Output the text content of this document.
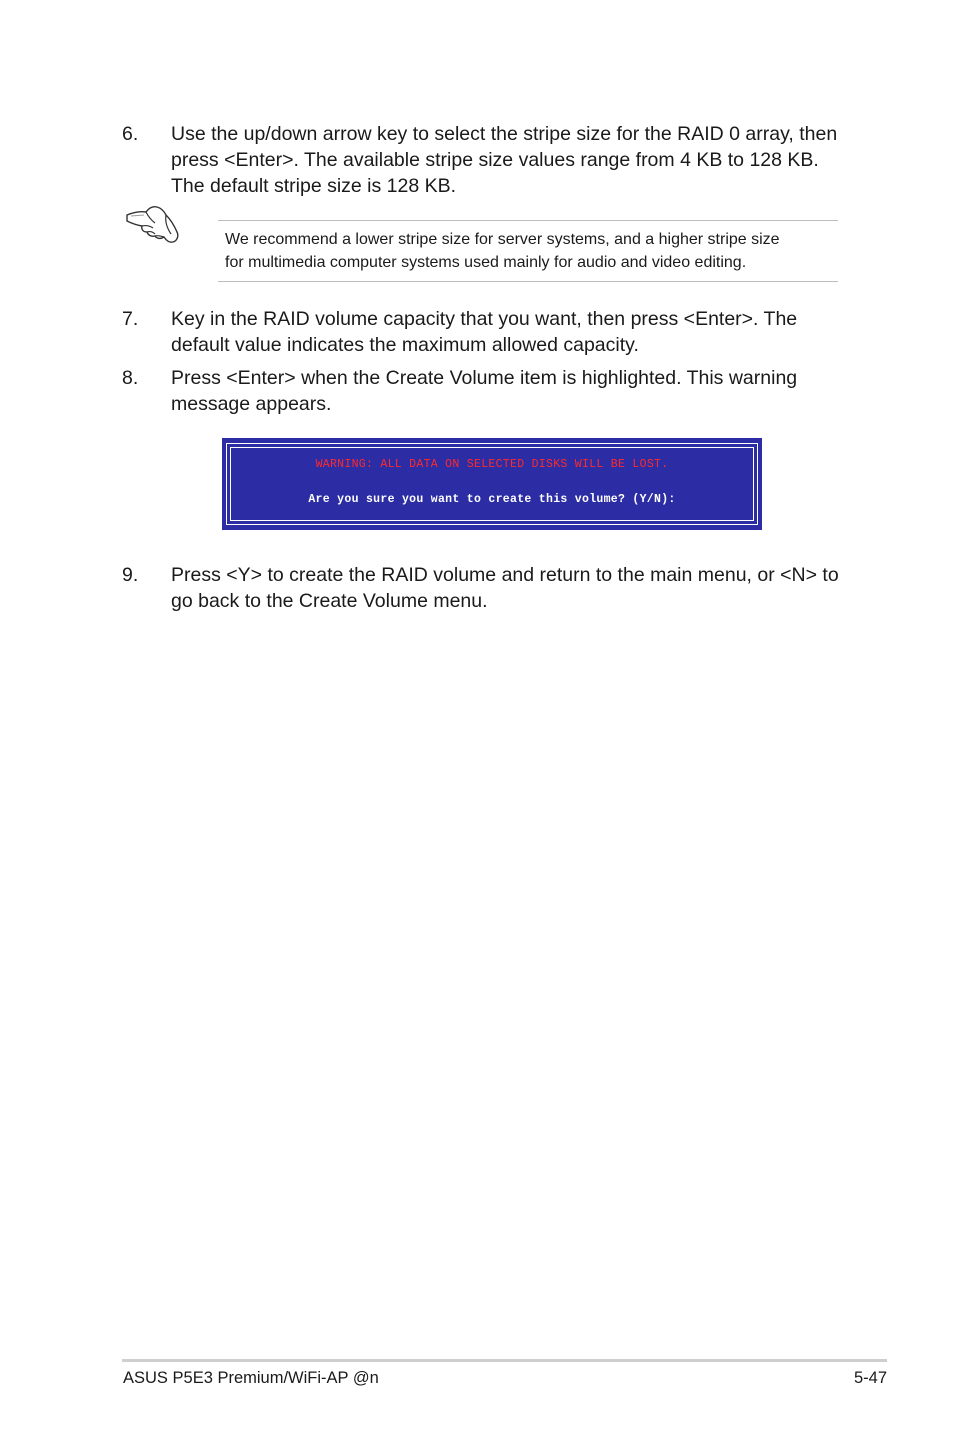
6. Use the up/down arrow key to select the stripe size for the RAID 0 array, then
press <Enter>. The available stripe size values range from 4 KB to 128 KB.
The default stripe size is 128 KB.
We recommend a lower stripe size for server systems, and a higher stripe size
for multimedia computer systems used mainly for audio and video editing.
7. Key in the RAID volume capacity that you want, then press <Enter>. The
default value indicates the maximum allowed capacity.
8. Press <Enter> when the Create Volume item is highlighted. This warning
message appears.
WARNING: ALL DATA ON SELECTED DISKS WILL BE LOST.
Are you sure you want to create this volume? (Y/N):
9. Press <Y> to create the RAID volume and return to the main menu, or <N> to
go back to the Create Volume menu.
ASUS P5E3 Premium/WiFi-AP @n	5-47
